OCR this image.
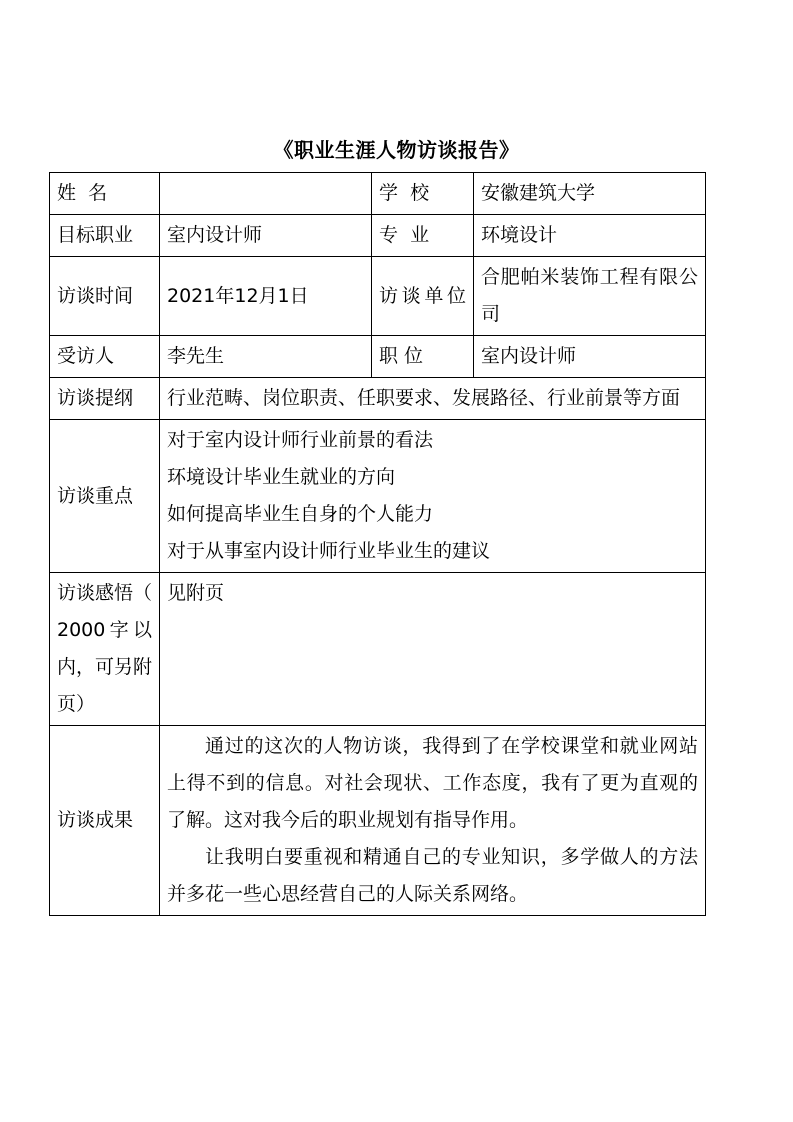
《职业生涯人物访谈报告》
姓  名		学  校	安徽建筑大学
目标职业	室内设计师	专  业	环境设计
访谈时间	2021年12月1日	访谈单位	合肥帕米装饰工程有限公司
受访人	李先生	职 位	室内设计师
访谈提纲	行业范畴、岗位职责、任职要求、发展路径、行业前景等方面		
访谈重点	对于室内设计师行业前景的看法
环境设计毕业生就业的方向
如何提高毕业生自身的个人能力
对于从事室内设计师行业毕业生的建议		

访谈感悟（ 2000字以内，可另附页）	见附页		
访谈成果	通过的这次的人物访谈，我得到了在学校课堂和就业网站上得不到的信息。对社会现状、工作态度，我有了更为直观的了解。这对我今后的职业规划有指导作用。
让我明白要重视和精通自己的专业知识，多学做人的方法并多花一些心思经营自己的人际关系网络。		
